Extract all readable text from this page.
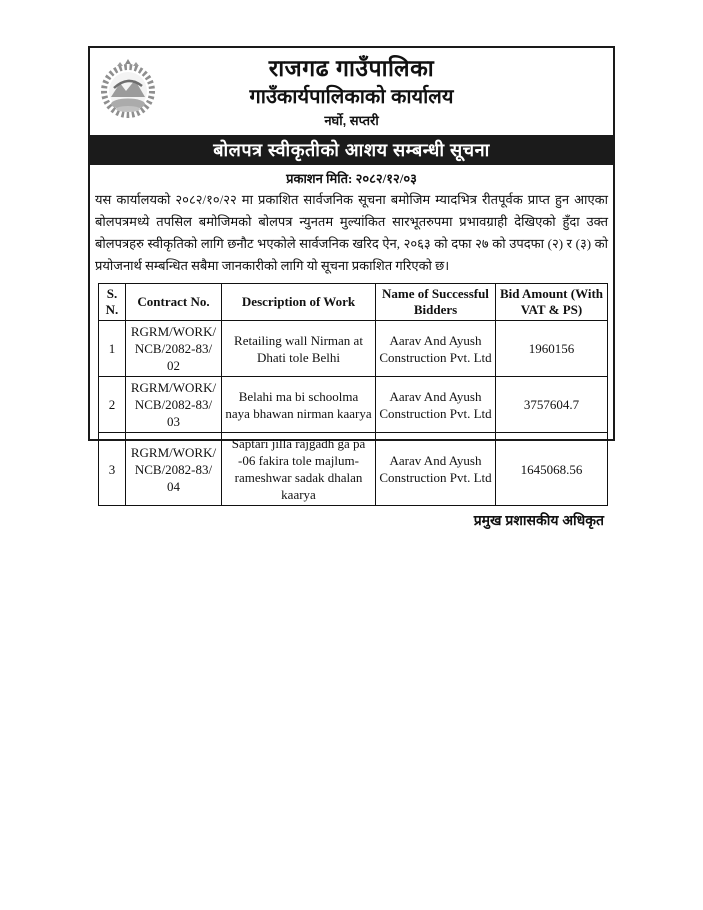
राजगढ गाउँपालिका
गाउँकार्यपालिकाको कार्यालय
नर्घो, सप्तरी
बोलपत्र स्वीकृतीको आशय सम्बन्धी सूचना
प्रकाशन मिति: २०८२/१२/०३
यस कार्यालयको २०८२/१०/२२ मा प्रकाशित सार्वजनिक सूचना बमोजिम म्यादभित्र रीतपूर्वक प्राप्त हुन आएका बोलपत्रमध्ये तपसिल बमोजिमको बोलपत्र न्युनतम मुल्यांकित सारभूतरुपमा प्रभावग्राही देखिएको हुँदा उक्त बोलपत्रहरु स्वीकृतिको लागि छनौट भएकोले सार्वजनिक खरिद ऐन, २०६३ को दफा २७ को उपदफा (२) र (३) को प्रयोजनार्थ सम्बन्धित सबैमा जानकारीको लागि यो सूचना प्रकाशित गरिएको छ।
S. N.	Contract No.	Description of Work	Name of Successful Bidders	Bid Amount (With VAT & PS)
1	RGRM/​WORK/​NCB/​2082-83/​02	Retailing wall Nirman at Dhati tole Belhi	Aarav And Ayush Construction Pvt. Ltd	1960156
2	RGRM/​WORK/​NCB/​2082-83/​03	Belahi ma bi schoolma naya bhawan nirman kaarya	Aarav And Ayush Construction Pvt. Ltd	3757604.7
3	RGRM/​WORK/​NCB/​2082-83/​04	Saptari jilla rajgadh ga pa -06 fakira tole majlum-rameshwar sadak dhalan kaarya	Aarav And Ayush Construction Pvt. Ltd	1645068.56
प्रमुख प्रशासकीय अधिकृत
